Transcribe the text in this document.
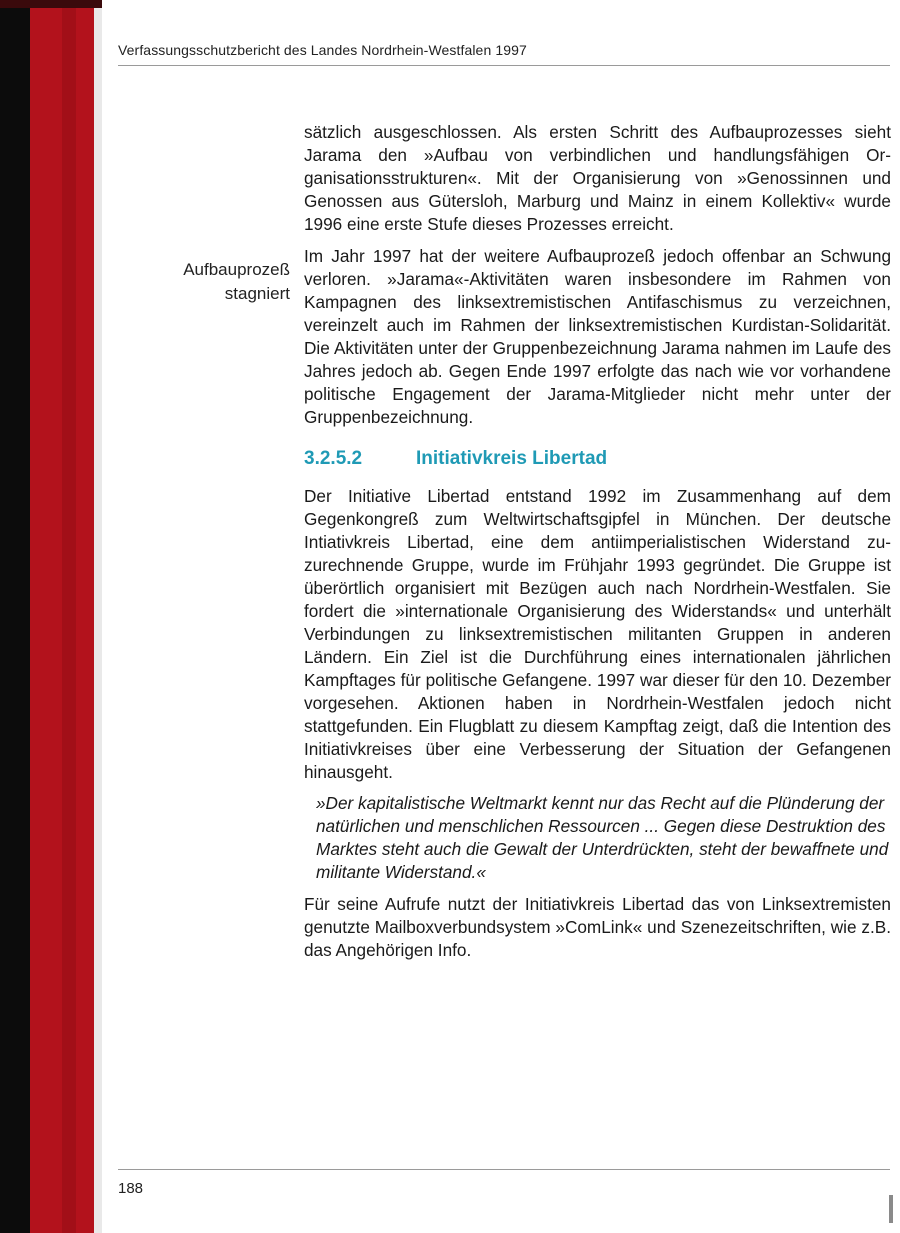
Verfassungsschutzbericht des Landes Nordrhein-Westfalen 1997
Aufbauprozeß
stagniert

sätzlich ausgeschlossen. Als ersten Schritt des Aufbauprozesses sieht Jarama den »Aufbau von verbindlichen und handlungsfähigen Organisationsstrukturen«. Mit der Organisierung von »Genossinnen und Genossen aus Gütersloh, Marburg und Mainz in einem Kollektiv« wurde 1996 eine erste Stufe dieses Prozesses erreicht.

Im Jahr 1997 hat der weitere Aufbauprozeß jedoch offenbar an Schwung verloren. »Jarama«-Aktivitäten waren insbesondere im Rahmen von Kampagnen des linksextremistischen Antifaschismus zu verzeichnen, vereinzelt auch im Rahmen der linksextremistischen Kurdistan-Solidarität. Die Aktivitäten unter der Gruppenbezeichnung Jarama nahmen im Laufe des Jahres jedoch ab. Gegen Ende 1997 erfolgte das nach wie vor vorhandene politische Engagement der Jarama-Mitglieder nicht mehr unter der Gruppenbezeichnung.

3.2.5.2	Initiativkreis Libertad

Der Initiative Libertad entstand 1992 im Zusammenhang auf dem Gegenkongreß zum Weltwirtschaftsgipfel in München. Der deutsche Intiativkreis Libertad, eine dem antiimperialistischen Widerstand zuzurechnende Gruppe, wurde im Frühjahr 1993 gegründet. Die Gruppe ist überörtlich organisiert mit Bezügen auch nach Nordrhein-Westfalen. Sie fordert die »internationale Organisierung des Widerstands« und unterhält Verbindungen zu linksextremistischen militanten Gruppen in anderen Ländern. Ein Ziel ist die Durchführung eines internationalen jährlichen Kampftages für politische Gefangene. 1997 war dieser für den 10. Dezember vorgesehen. Aktionen haben in Nordrhein-Westfalen jedoch nicht stattgefunden. Ein Flugblatt zu diesem Kampftag zeigt, daß die Intention des Initiativkreises über eine Verbesserung der Situation der Gefangenen hinausgeht.

»Der kapitalistische Weltmarkt kennt nur das Recht auf die Plünderung der natürlichen und menschlichen Ressourcen ... Gegen diese Destruktion des Marktes steht auch die Gewalt der Unterdrückten, steht der bewaffnete und militante Widerstand.«

Für seine Aufrufe nutzt der Initiativkreis Libertad das von Linksextremisten genutzte Mailboxverbundsystem »ComLink« und Szenezeitschriften, wie z.B. das Angehörigen Info.

188
